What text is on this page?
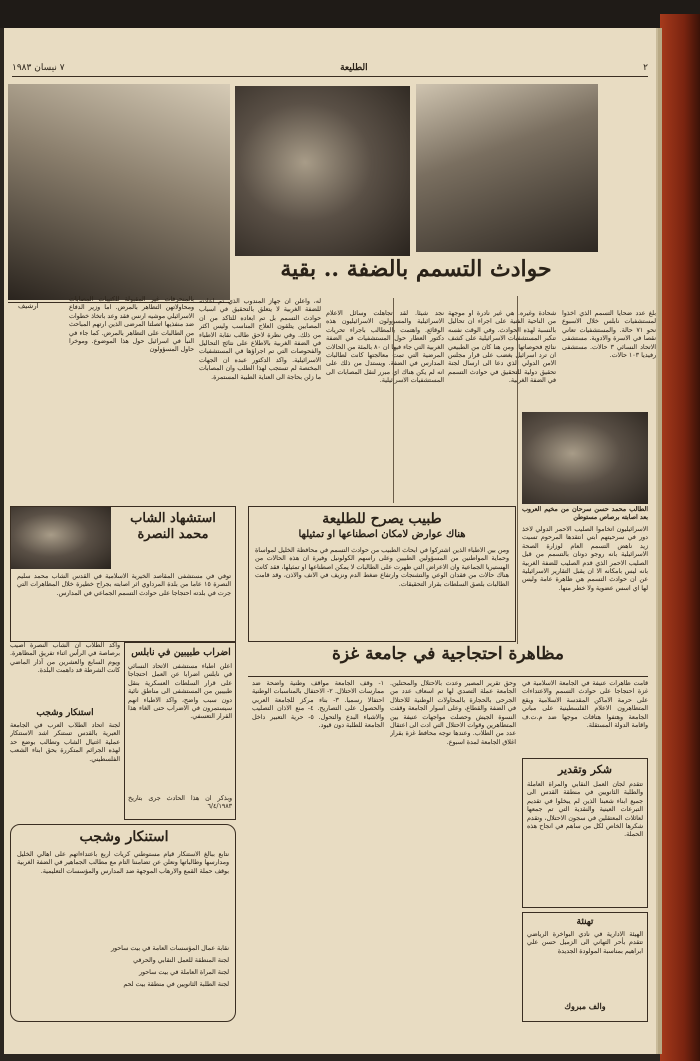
٢
الطليعة
٧ نيسان ١٩٨٣
ارشيف
حوادث التسمم بالضفة .. بقية
بالمنحرفات غير المقبولة للكتيبات المصابات ومحاولاتهن التظاهر بالمرض. اما وزير الدفاع الاسرائيلي موشيه ارنس فقد وعد باتخاذ خطوات ضد منفذيها اتصلتا المرضى الذين ارتهم المباحث من الطالبات على التظاهر بالمرض. كما جاء في النبأ في اسرائيل حول هذا الموضوع. وموخرا حاول المسؤولون
له، واعلن ان جهاز المندوب الذي تم اعادته للضفة الغربية لا يتعلق بالتحقيق في اسباب حوادث التسمم بل تم ابعاده للتاكد من ان المصابين يتلقون العلاج المناسب وليس اكثر من ذلك. وفي نظرة لاحق طالب نقابة الاطباء في الضفة الغربية بالاطلاع على نتائج التحاليل والفحوصات التي تم اجراؤها في المستشفيات الاسرائيلية. واكد الدكتور عبده ان الجهات المختصة لم تستجب لهذا الطلب وان المصابات ما زلن بحاجة الى العناية الطبية المستمرة.
نجد شيئا. لقد تجاهلت وسائل الاعلام الاسرائيلية والمسؤولون الاسرائيليون هذه الوقائع. واهتمت بالمطالب باجراء تحريات دكتور العطار حول المستشفيات في الضفة الغربية التي جاء فيها ان ٨٠ بالمئة من الحالات المرضية التي تمت معالجتها كانت لطالبات المدارس في الضفة. ويستدل من ذلك على انه لم يكن هناك اي مبرر لنقل المصابات الى المستشفيات الاسرائيلية.
شحادة وغيره. هي غير نادرة او موجهة من الناحية الفنية على اجراء ان تحاليل بالنسبة لهذه الحوادث. وفي الوقت نفسه تنكبر المستشفيات الاسرائيلية على كشف نتائج فحوصاتها. ومن هنا كان من الطبيعي ان ترد اسرائيل بغضب على قرار مجلس الامن الدولي الذي دعا الى ارسال لجنة تحقيق دولية للتحقيق في حوادث التسمم في الضفة الغربية.
بلغ عدد ضحايا التسمم الذي اخذوا لمستشفيات نابلس خلال الاسبوع نحو ٧١ حالة. والمستشفيات تعاني نقصا في الاسرة والادوية. مستشفى الاتحاد النسائي ٣ حالات. مستشفى رفيديا ١٠٣ حالات.
الطالب محمد حسن سرحان من مخيم العروب بعد اصابته برصاص مستوطن
الاسرائيليون اتخاموا الصليب الاحمر الدولي لاخذ دور في سرحيتهم ابتي انتقدها المرحوم تسيت زيد ناهض التسمم العام لوزارة الصحة الاسرائيلية بانه روجو دونان بالتسمم من قبل الصليب الاحمر الذي قدم الصليب للضفة الغربية بانه ليس بامكانه الا ان يقبل التقارير الاسرائيلية عن ان حوادث التسمم هي ظاهرة عامة وليس لها اي اسس عضوية ولا خطر منها.
طبيب يصرح للطليعة
هناك عوارض لامكان اصطناعها او تمثيلها
ومن بين الاطباء الذين اشتركوا في ابحاث الطبيب من حوادث التسمم في محافظة الخليل لمواساة وحماية المواطنين من المسؤولين الطبيين وعلى راسهم الكولونيل وفيرة ان هذه الحالات من الهستيريا الجماعية وان الاعراض التي ظهرت على الطالبات لا يمكن اصطناعها او تمثيلها، فقد كانت هناك حالات من فقدان الوعي والتشنجات وارتفاع ضغط الدم ونزيف في الانف والاذن، وقد قامت الطالبات بلصق السلطات بقرار التحقيقات.
استشهاد الشاب محمد النصرة
توفي في مستشفى المقاصد الخيرية الاسلامية في القدس الشاب محمد سليم النصرة ١٥ عاما من بلدة المرداوي اثر اصابته بجراح خطيرة خلال المظاهرات التي جرت في بلدته احتجاجا على حوادث التسمم الجماعي في المدارس.
اضراب طبيبين في نابلس
اعلن اطباء مستشفى الاتحاد النسائي في نابلس اضرابا عن العمل احتجاجا على قرار السلطات العسكرية بنقل طبيبين من المستشفى الى مناطق نائية دون سبب واضح، واكد الاطباء انهم سيستمرون في الاضراب حتى الغاء هذا القرار التعسفي.
وبذكر ان هذا الحادث جرى بتاريخ ٦/٤/١٩٨٣
واكد الطلاب ان الشاب النصرة اصيب برصاصة في الرأس اثناء تفريق المظاهرة. ويوم السابع والعشرين من آذار الماضي كانت الشرطة قد داهمت البلدة.
استنكار وشجب
لجنة اتحاد الطلاب العرب في الجامعة العبرية بالقدس تستنكر اشد الاستنكار عملية اغتيال الشاب وتطالب بوضع حد لهذه الجرائم المتكررة بحق ابناء الشعب الفلسطيني.
مظاهرة احتجاجية في جامعة غزة
قامت ظاهرات عنيفة في الجامعة الاسلامية في غزة احتجاجا على حوادث التسمم والاعتداءات على حرمة الاماكن المقدسة الاسلامية ويقع المتظاهرون الاعلام الفلسطينية على مباني الجامعة وهتفوا هتافات موجها ضد م.ت.ف واقامة الدولة المستقلة.
وحق تقرير المصير وعدت بالاحتلال والمحتلين. الجامعة عملة التصدي لها تم اسعاف عدد من الجرحى بالحجارة بالمحاولات الوطنية للاحتلال في الضفة والقطاع، وعلى اسوار الجامعة وقفت النسوة الجيش وحصلت مواجهات عنيفة بين المتظاهرين وقوات الاحتلال التي ادت الى اعتقال عدد من الطلاب. وعندها توجه محافظ غزة بقرار اغلاق الجامعة لمدة اسبوع.
١- وقف الجامعة مواقف وطنية واضحة ضد ممارسات الاحتلال. ٢- الاحتفال بالمناسبات الوطنية احتفالا رسميا. ٣- بناء مركز للجامعة العربي والحصول على التصاريح. ٤- منع الاذان التصليب والاشياء البدع والتحول. ٥- حرية التعبير داخل الجامعة للطلبة دون قيود.
شكر وتقدير
تتقدم لجان العمل النقابي والمرأة العاملة والطلبة الثانويين في منطقة القدس الى جميع ابناء شعبنا الذين لم يبخلوا في تقديم التبرعات العينية والنقدية التي تم جمعها لعائلات المعتقلين في سجون الاحتلال، وتقدم شكرها الخاص لكل من ساهم في انجاح هذه الحملة.
تهنئة
الهيئة الادارية في نادي البواخرة الرياضي تتقدم بأحر التهاني الى الزميل حسن علي ابراهيم بمناسبة المولودة الجديدة
والف مبروك
استنكار وشجب
نتابع ببالغ الاستنكار قيام مستوطني كريات اربع باعتداءاتهم على اهالي الخليل ومدارسها وطالباتها ونعلن عن تضامننا التام مع مطالب الجماهير في الضفة الغربية بوقف حملة القمع والارهاب الموجهة ضد المدارس والمؤسسات التعليمية.
نقابة عمال المؤسسات العامة في بيت ساحور
لجنة المنطقة للعمل النقابي والحرفي
لجنة المرأة العاملة في بيت ساحور
لجنة الطلبة الثانويين في منطقة بيت لحم
